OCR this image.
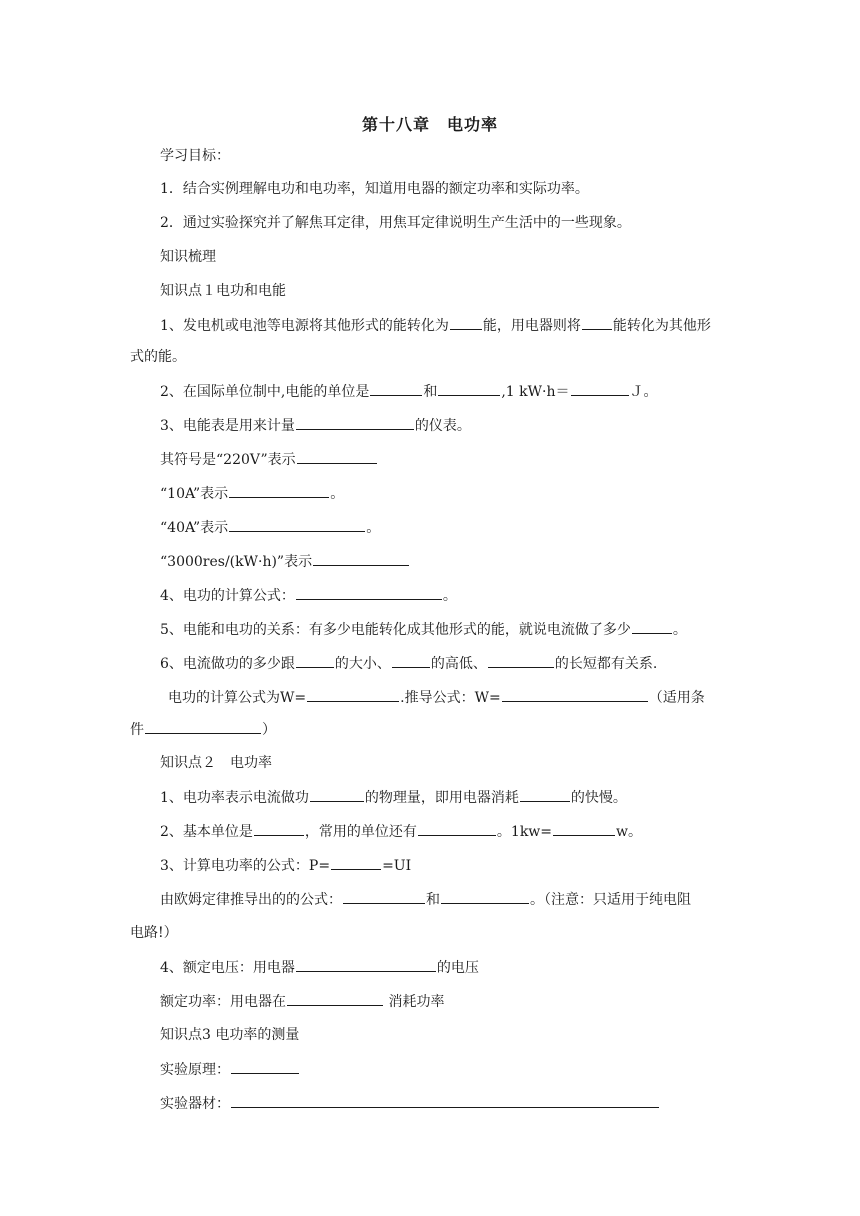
第十八章　电功率
学习目标：
1．结合实例理解电功和电功率，知道用电器的额定功率和实际功率。
2．通过实验探究并了解焦耳定律，用焦耳定律说明生产生活中的一些现象。
知识梳理
知识点１电功和电能
1、发电机或电池等电源将其他形式的能转化为 能，用电器则将 能转化为其他形
式的能。
2、在国际单位制中,电能的单位是	和	,1 kW·h＝	Ｊ。
3、电能表是用来计量	的仪表。
其符号是“220V”表示
“10A”表示	。
“40A”表示	。
“3000res/(kW·h)”表示
4、电功的计算公式：	。
5、电能和电功的关系：有多少电能转化成其他形式的能，就说电流做了多少	。
6、电流做功的多少跟	的大小、	的高低、	的长短都有关系.
电功的计算公式为W=	.推导公式：W=	（适用条
件	）
知识点２　电功率
1、电功率表示电流做功	的物理量，即用电器消耗	的快慢。
2、基本单位是	，常用的单位还有	。1kw=	w。
3、计算电功率的公式：P=	=UI
由欧姆定律推导出的的公式：	和	。（注意：只适用于纯电阻
电路!）
4、额定电压：用电器	的电压
额定功率：用电器在	消耗功率
知识点3 电功率的测量
实验原理：
实验器材：
